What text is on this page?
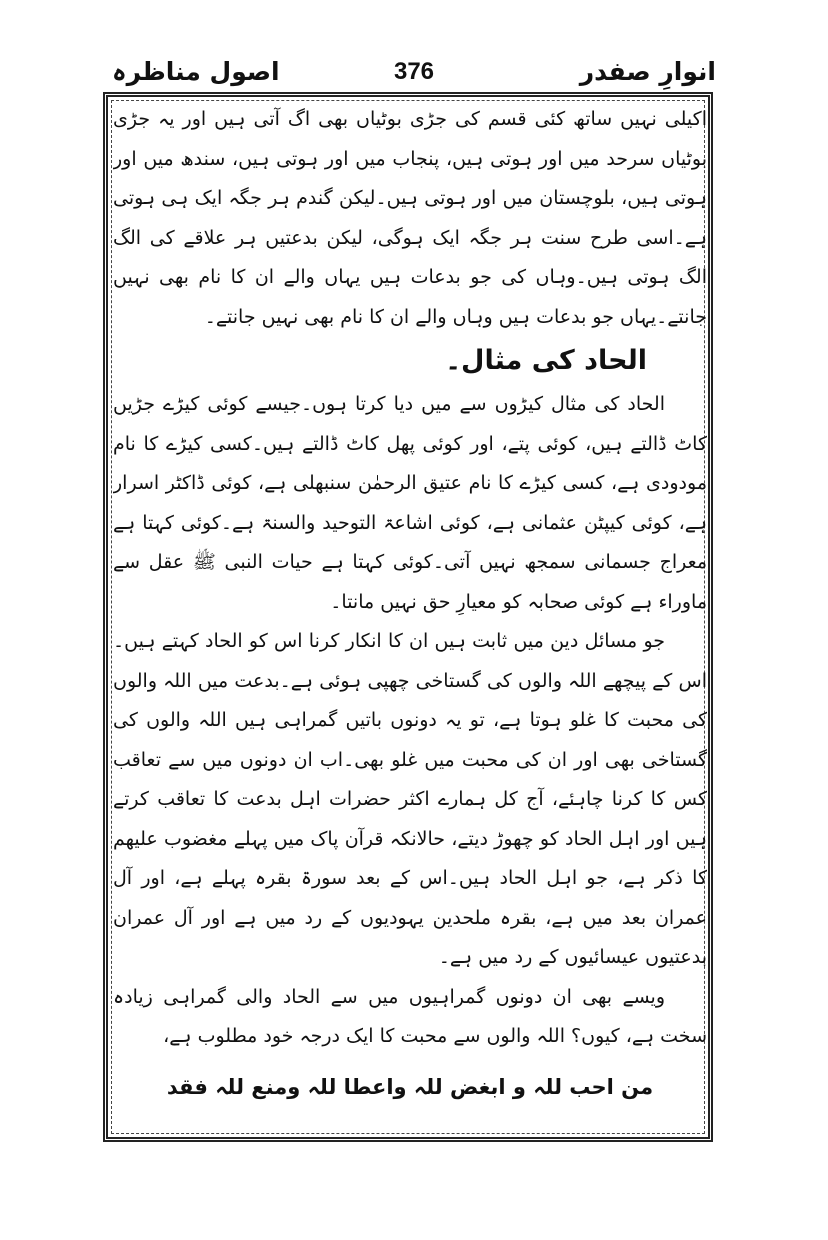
انوارِ صفدر
376
اصول مناظرہ

اکیلی نہیں ساتھ کئی قسم کی جڑی بوٹیاں بھی اگ آتی ہیں اور یہ جڑی بوٹیاں سرحد میں اور ہوتی ہیں، پنجاب میں اور ہوتی ہیں، سندھ میں اور ہوتی ہیں، بلوچستان میں اور ہوتی ہیں۔لیکن گندم ہر جگہ ایک ہی ہوتی ہے۔اسی طرح سنت ہر جگہ ایک ہوگی، لیکن بدعتیں ہر علاقے کی الگ الگ ہوتی ہیں۔وہاں کی جو بدعات ہیں یہاں والے ان کا نام بھی نہیں جانتے۔یہاں جو بدعات ہیں وہاں والے ان کا نام بھی نہیں جانتے۔

الحاد کی مثال۔

الحاد کی مثال کیڑوں سے میں دیا کرتا ہوں۔جیسے کوئی کیڑے جڑیں کاٹ ڈالتے ہیں، کوئی پتے، اور کوئی پھل کاٹ ڈالتے ہیں۔کسی کیڑے کا نام مودودی ہے، کسی کیڑے کا نام عتیق الرحمٰن سنبھلی ہے، کوئی ڈاکٹر اسرار ہے، کوئی کیپٹن عثمانی ہے، کوئی اشاعۃ التوحید والسنۃ ہے۔کوئی کہتا ہے معراج جسمانی سمجھ نہیں آتی۔کوئی کہتا ہے حیات النبی ﷺ عقل سے ماوراء ہے کوئی صحابہ کو معیارِ حق نہیں مانتا۔

جو مسائل دین میں ثابت ہیں ان کا انکار کرنا اس کو الحاد کہتے ہیں۔اس کے پیچھے اللہ والوں کی گستاخی چھپی ہوئی ہے۔بدعت میں اللہ والوں کی محبت کا غلو ہوتا ہے، تو یہ دونوں باتیں گمراہی ہیں اللہ والوں کی گستاخی بھی اور ان کی محبت میں غلو بھی۔اب ان دونوں میں سے تعاقب کس کا کرنا چاہئے، آج کل ہمارے اکثر حضرات اہل بدعت کا تعاقب کرتے ہیں اور اہل الحاد کو چھوڑ دیتے، حالانکہ قرآن پاک میں پہلے مغضوب علیھم کا ذکر ہے، جو اہل الحاد ہیں۔اس کے بعد سورۃ بقرہ پہلے ہے، اور آل عمران بعد میں ہے، بقرہ ملحدین یہودیوں کے رد میں ہے اور آل عمران بدعتیوں عیسائیوں کے رد میں ہے۔

ویسے بھی ان دونوں گمراہیوں میں سے الحاد والی گمراہی زیادہ سخت ہے، کیوں؟ اللہ والوں سے محبت کا ایک درجہ خود مطلوب ہے،

من احب للہ و ابغض للہ واعطا للہ ومنع للہ فقد
